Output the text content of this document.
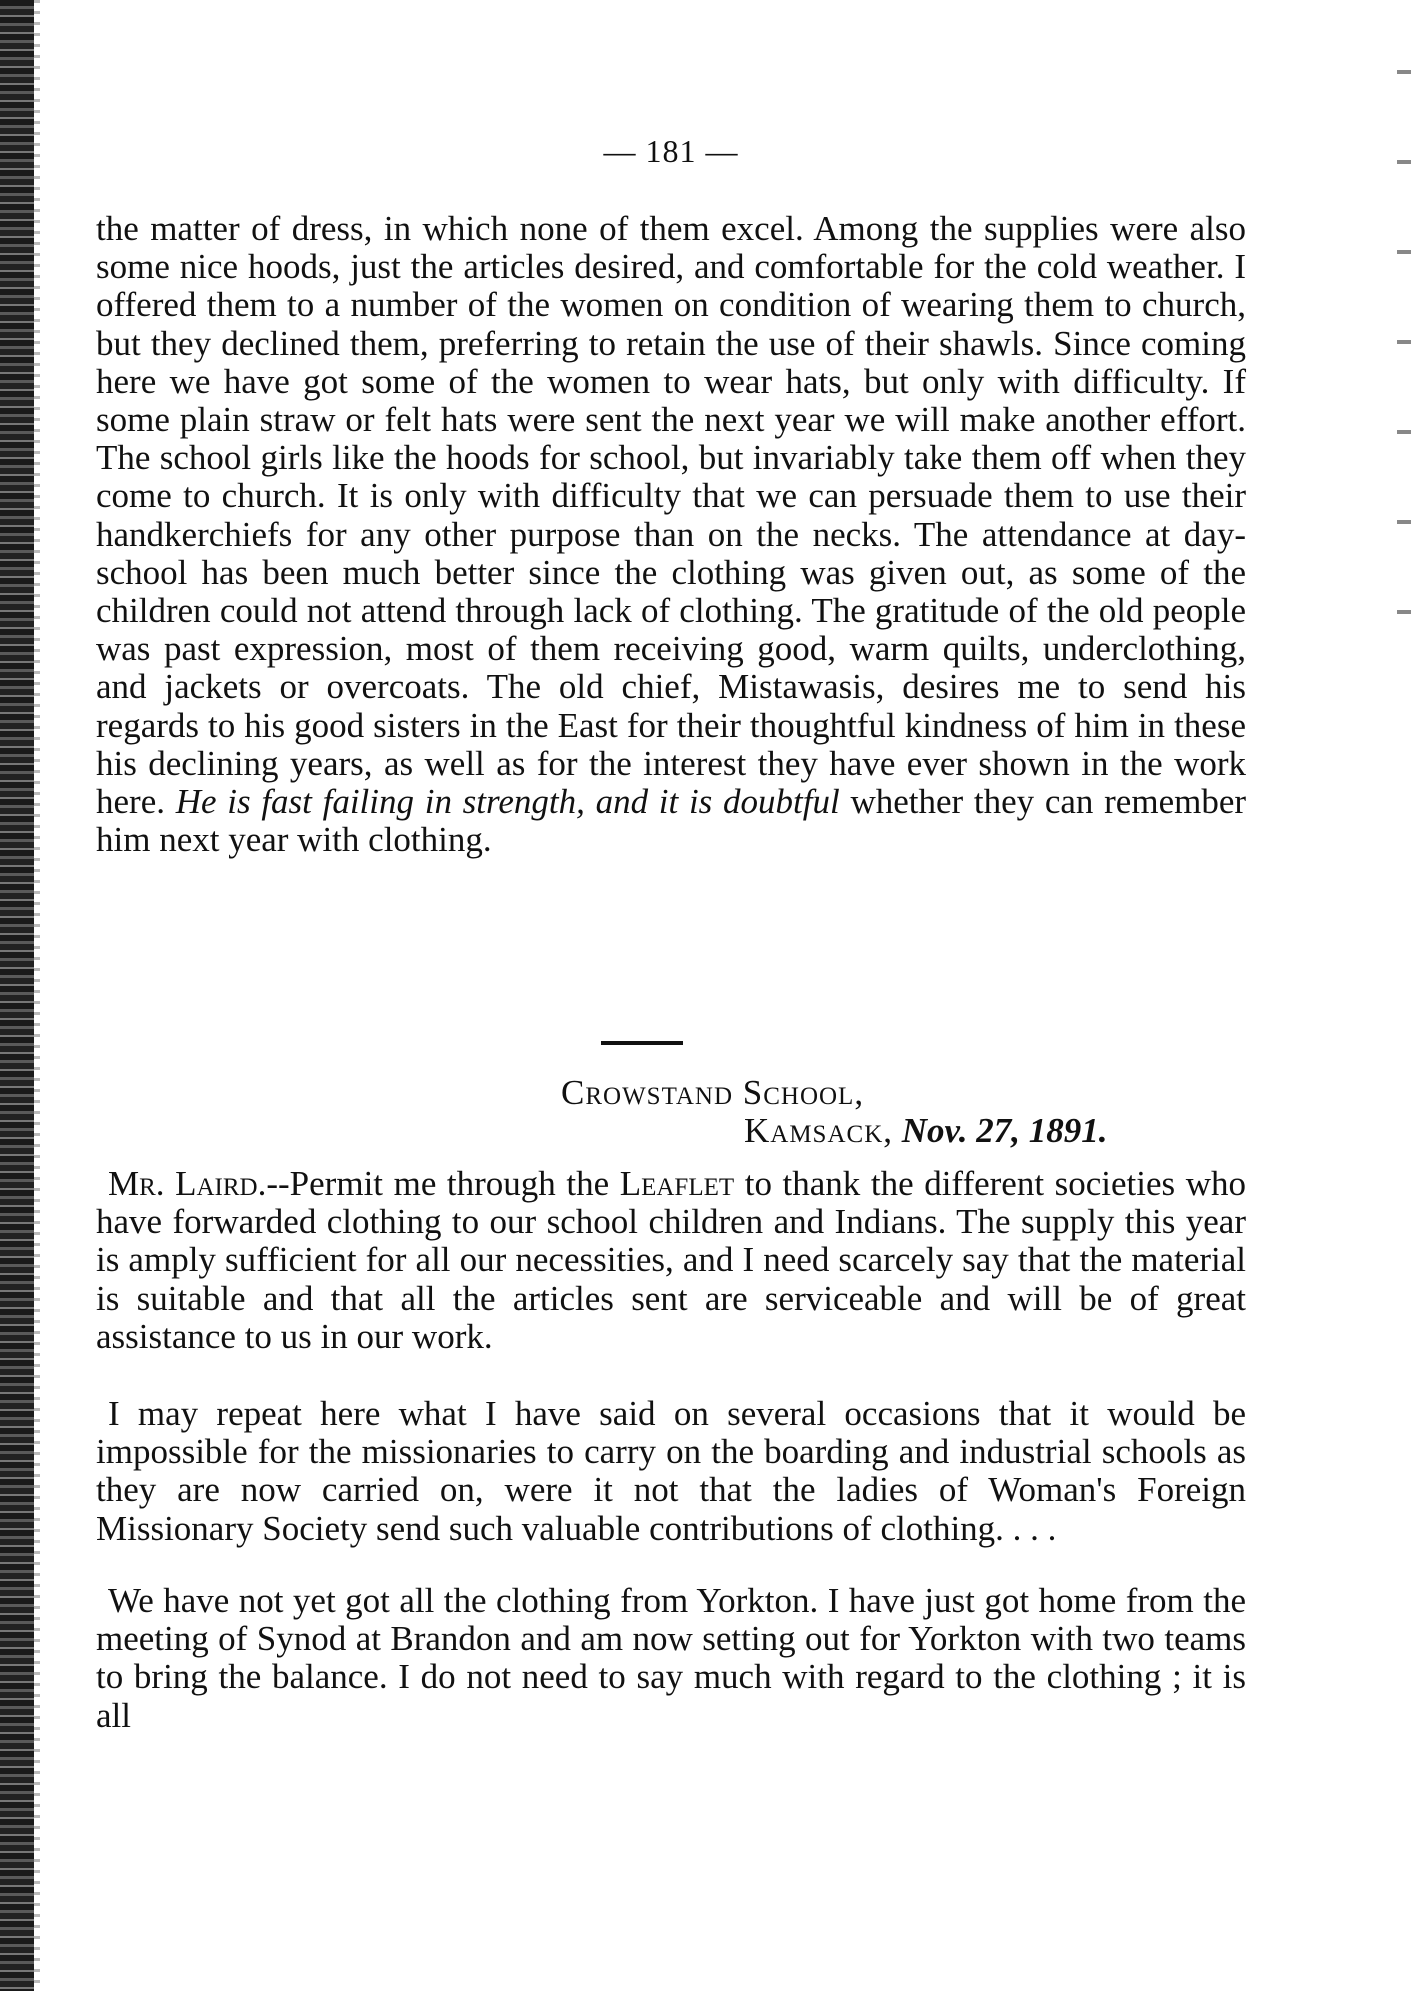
— 181 —

the matter of dress, in which none of them excel. Among the supplies were also some nice hoods, just the articles desired, and comfortable for the cold weather. I offered them to a number of the women on condition of wearing them to church, but they declined them, preferring to retain the use of their shawls. Since coming here we have got some of the women to wear hats, but only with difficulty. If some plain straw or felt hats were sent the next year we will make another effort. The school girls like the hoods for school, but invariably take them off when they come to church. It is only with difficulty that we can persuade them to use their handkerchiefs for any other purpose than on the necks. The attendance at day-school has been much better since the clothing was given out, as some of the children could not attend through lack of clothing. The gratitude of the old people was past expression, most of them receiving good, warm quilts, underclothing, and jackets or overcoats. The old chief, Mistawasis, desires me to send his regards to his good sisters in the East for their thoughtful kindness of him in these his declining years, as well as for the interest they have ever shown in the work here. He is fast failing in strength, and it is doubtful whether they can remember him next year with clothing.

Crowstand School,
Kamsack, Nov. 27, 1891.

Mr. Laird.--Permit me through the Leaflet to thank the different societies who have forwarded clothing to our school children and Indians. The supply this year is amply sufficient for all our necessities, and I need scarcely say that the material is suitable and that all the articles sent are serviceable and will be of great assistance to us in our work.

I may repeat here what I have said on several occasions that it would be impossible for the missionaries to carry on the boarding and industrial schools as they are now carried on, were it not that the ladies of Woman's Foreign Missionary Society send such valuable contributions of clothing. . . .

We have not yet got all the clothing from Yorkton. I have just got home from the meeting of Synod at Brandon and am now setting out for Yorkton with two teams to bring the balance. I do not need to say much with regard to the clothing ; it is all
